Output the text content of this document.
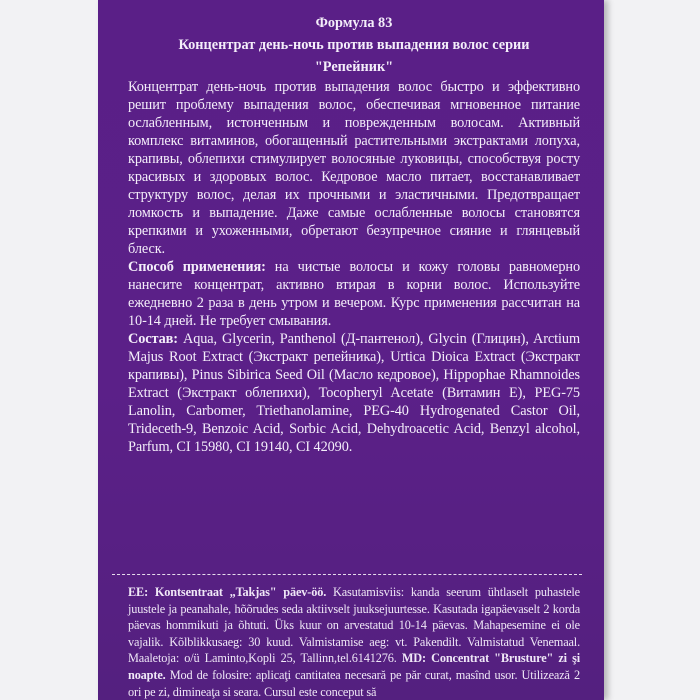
Формула 83

Концентрат день-ночь против выпадения волос серии

"Репейник"

Концентрат день-ночь против выпадения волос быстро и эффективно решит проблему выпадения волос, обеспечивая мгновенное питание ослабленным, истонченным и поврежденным волосам. Активный комплекс витаминов, обогащенный растительными экстрактами лопуха, крапивы, облепихи стимулирует волосяные луковицы, способствуя росту красивых и здоровых волос. Кедровое масло питает, восстанавливает структуру волос, делая их прочными и эластичными. Предотвращает ломкость и выпадение. Даже самые ослабленные волосы становятся крепкими и ухоженными, обретают безупречное сияние и глянцевый блеск.

Способ применения: на чистые волосы и кожу головы равномерно нанесите концентрат, активно втирая в корни волос. Используйте ежедневно 2 раза в день утром и вечером. Курс применения рассчитан на 10-14 дней. Не требует смывания.

Состав: Aqua, Glycerin, Panthenol (Д-пантенол), Glycin (Глицин), Arctium Majus Root Extract (Экстракт репейника), Urtica Dioica Extract (Экстракт крапивы), Pinus Sibirica Seed Oil (Масло кедровое), Hippophae Rhamnoides Extract (Экстракт облепихи), Tocopheryl Acetate (Витамин Е), PEG-75 Lanolin, Carbomer, Triethanolamine, PEG-40 Hydrogenated Castor Oil, Trideceth-9, Benzoic Acid, Sorbic Acid, Dehydroacetic Acid, Benzyl alcohol, Parfum, CI 15980, CI 19140, CI 42090.

EE: Kontsentraat „Takjas" päev-öö. Kasutamisviis: kanda seerum ühtlaselt puhastele juustele ja peanahale, hõõrudes seda aktiivselt juuksejuurtesse. Kasutada igapäevaselt 2 korda päevas hommikuti ja õhtuti. Üks kuur on arvestatud 10-14 päevas. Mahapesemine ei ole vajalik. Kõlblikkusaeg: 30 kuud. Valmistamise aeg: vt. Pakendilt. Valmistatud Venemaal. Maaletoja: o/ü Laminto,Kopli 25, Tallinn,tel.6141276. MD: Concentrat "Brusture" zi şi noapte. Mod de folosire: aplicaţi cantitatea necesară pe păr curat, masînd usor. Utilizează 2 ori pe zi, dimineaţa si seara. Cursul este conceput să
